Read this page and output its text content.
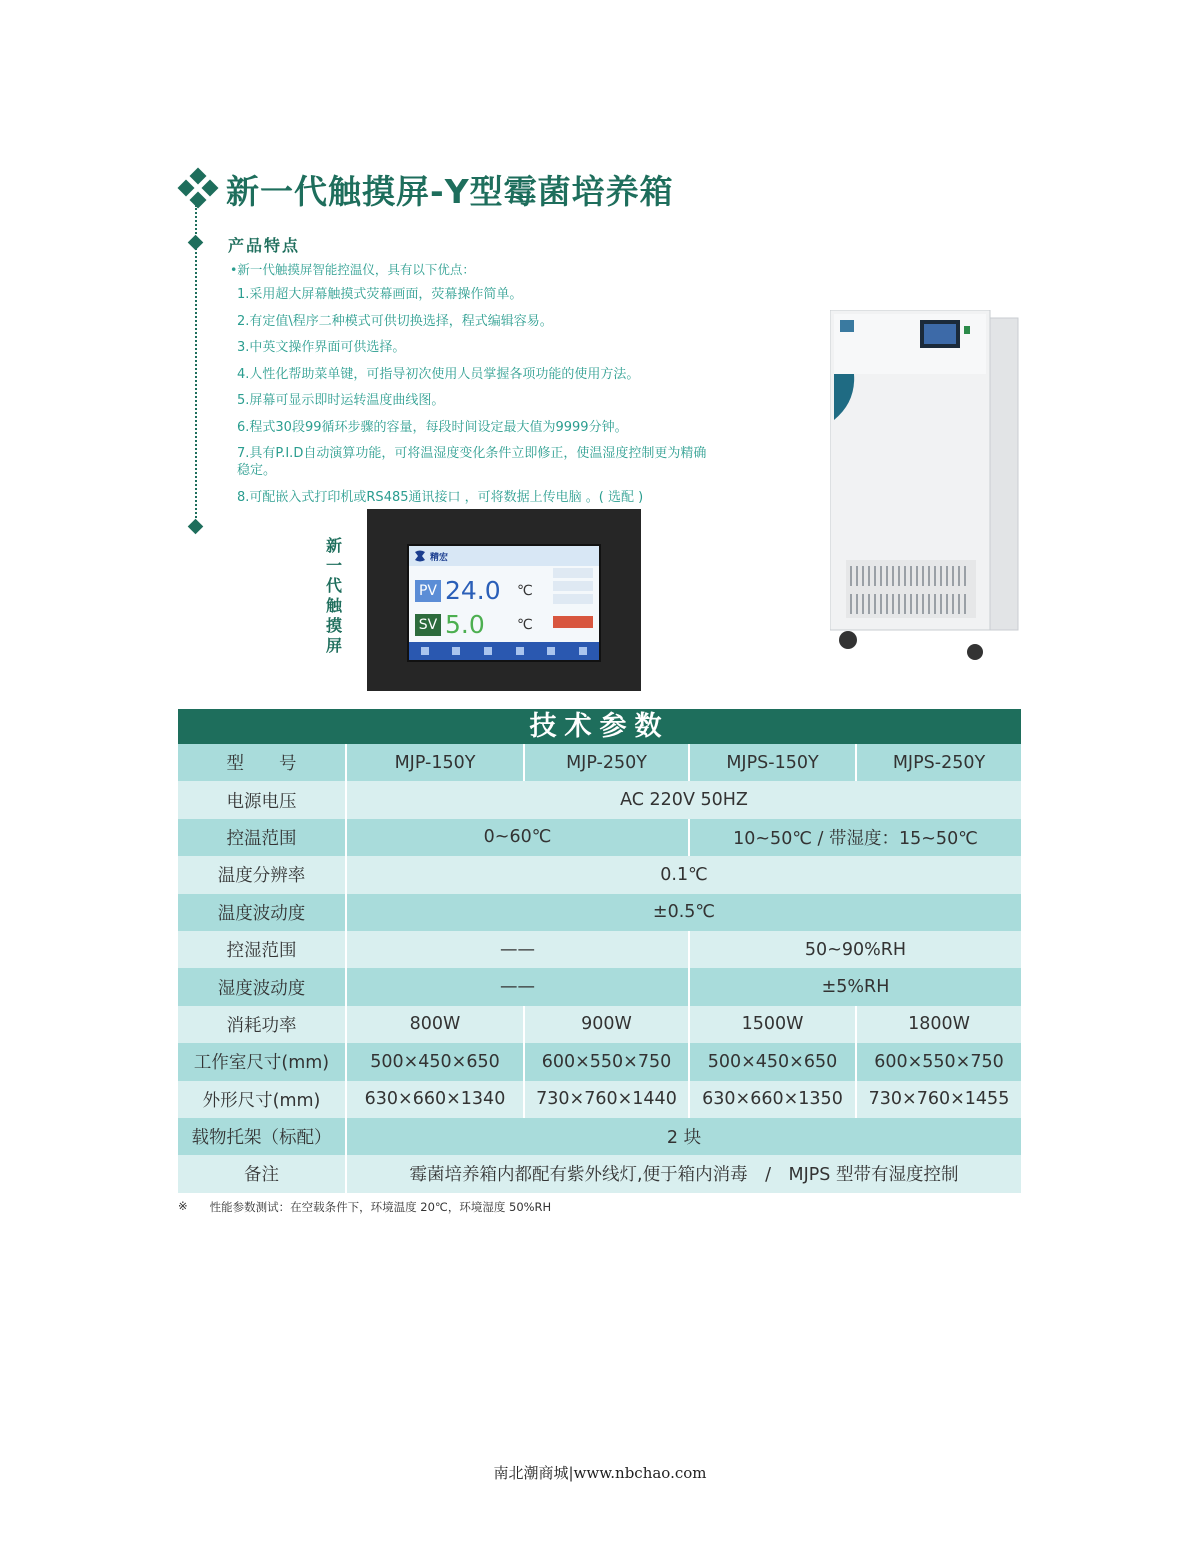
新一代触摸屏-Y型霉菌培养箱
产品特点
•新一代触摸屏智能控温仪，具有以下优点：
1.采用超大屏幕触摸式荧幕画面，荧幕操作简单。
2.有定值\程序二种模式可供切换选择，程式编辑容易。
3.中英文操作界面可供选择。
4.人性化帮助菜单键，可指导初次使用人员掌握各项功能的使用方法。
5.屏幕可显示即时运转温度曲线图。
6.程式30段99循环步骤的容量，每段时间设定最大值为9999分钟。
7.具有P.I.D自动演算功能，可将温湿度变化条件立即修正，使温湿度控制更为精确稳定。
8.可配嵌入式打印机或RS485通讯接口 ，可将数据上传电脑 。( 选配 )
新
一
代
触
摸
屏
精宏
PV 24.0	℃
SV 5.0	℃
技术参数
型　　号	MJP-150Y	MJP-250Y	MJPS-150Y	MJPS-250Y
电源电压	AC 220V 50HZ			
控温范围	0~60℃		10~50℃ / 带湿度：15~50℃	
温度分辨率	0.1℃			
温度波动度	±0.5℃			
控湿范围	——		50~90%RH	
湿度波动度	——		±5%RH	
消耗功率	800W	900W	1500W	1800W
工作室尺寸(mm)	500×450×650	600×550×750	500×450×650	600×550×750
外形尺寸(mm)	630×660×1340	730×760×1440	630×660×1350	730×760×1455
载物托架（标配）	2 块			
备注	霉菌培养箱内都配有紫外线灯,便于箱内消毒　/　MJPS 型带有湿度控制			
※ 性能参数测试：在空载条件下，环境温度 20℃，环境湿度 50%RH
南北潮商城|www.nbchao.com
